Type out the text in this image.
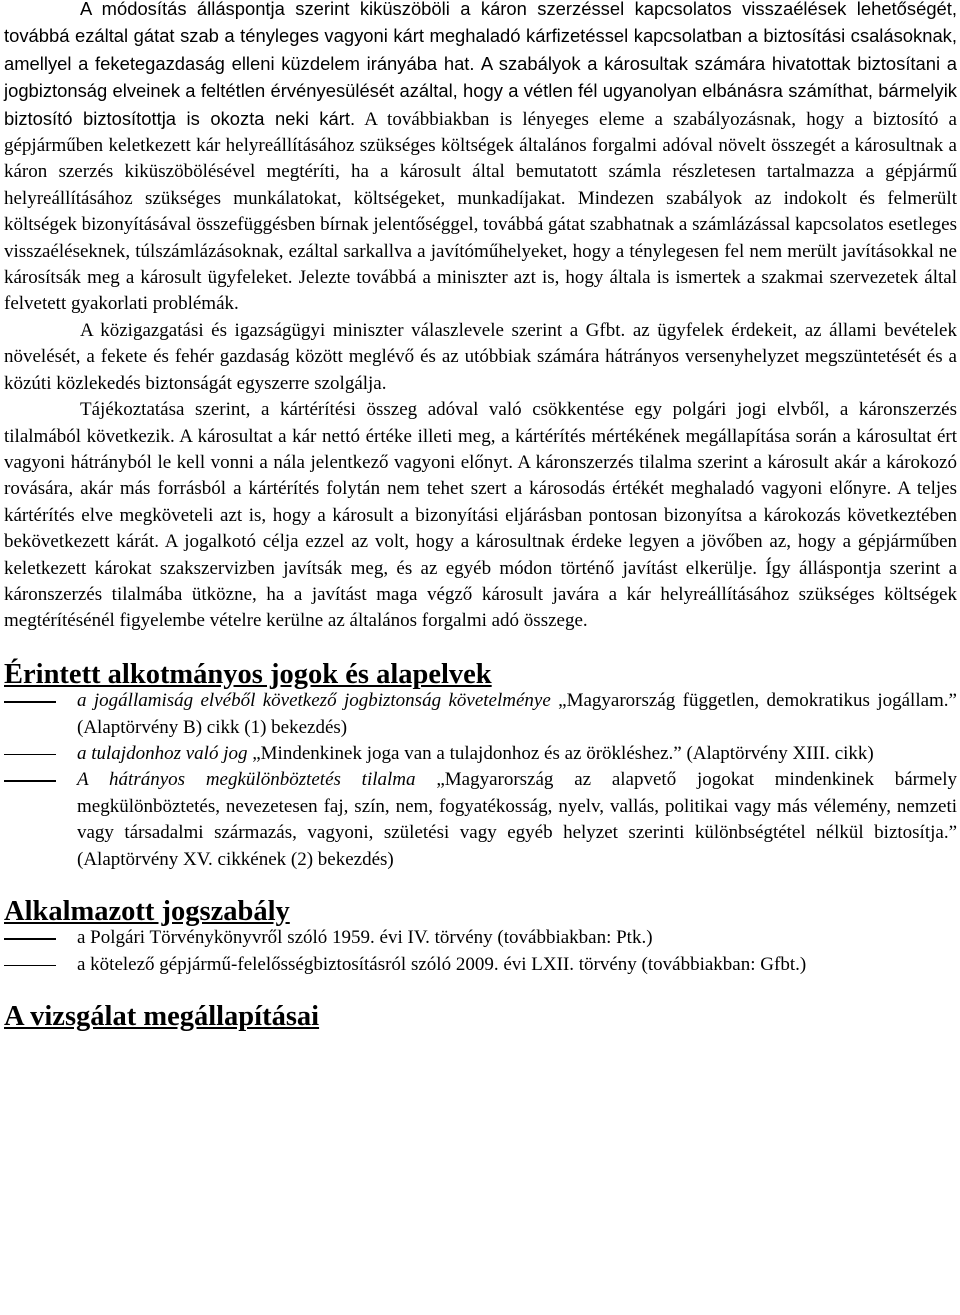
A módosítás álláspontja szerint kiküszöböli a káron szerzéssel kapcsolatos visszaélések lehetőségét, továbbá ezáltal gátat szab a tényleges vagyoni kárt meghaladó kárfizetéssel kapcsolatban a biztosítási csalásoknak, amellyel a feketegazdaság elleni küzdelem irányába hat. A szabályok a károsultak számára hivatottak biztosítani a jogbiztonság elveinek a feltétlen érvényesülését azáltal, hogy a vétlen fél ugyanolyan elbánásra számíthat, bármelyik biztosító biztosítottja is okozta neki kárt. A továbbiakban is lényeges eleme a szabályozásnak, hogy a biztosító a gépjárműben keletkezett kár helyreállításához szükséges költségek általános forgalmi adóval növelt összegét a károsultnak a káron szerzés kiküszöbölésével megtéríti, ha a károsult által bemutatott számla részletesen tartalmazza a gépjármű helyreállításához szükséges munkálatokat, költségeket, munkadíjakat. Mindezen szabályok az indokolt és felmerült költségek bizonyításával összefüggésben bírnak jelentőséggel, továbbá gátat szabhatnak a számlázással kapcsolatos esetleges visszaéléseknek, túlszámlázásoknak, ezáltal sarkallva a javítóműhelyeket, hogy a ténylegesen fel nem merült javításokkal ne károsítsák meg a károsult ügyfeleket. Jelezte továbbá a miniszter azt is, hogy általa is ismertek a szakmai szervezetek által felvetett gyakorlati problémák.

A közigazgatási és igazságügyi miniszter válaszlevele szerint a Gfbt. az ügyfelek érdekeit, az állami bevételek növelését, a fekete és fehér gazdaság között meglévő és az utóbbiak számára hátrányos versenyhelyzet megszüntetését és a közúti közlekedés biztonságát egyszerre szolgálja.

Tájékoztatása szerint, a kártérítési összeg adóval való csökkentése egy polgári jogi elvből, a káronszerzés tilalmából következik. A károsultat a kár nettó értéke illeti meg, a kártérítés mértékének megállapítása során a károsultat ért vagyoni hátrányból le kell vonni a nála jelentkező vagyoni előnyt. A káronszerzés tilalma szerint a károsult akár a károkozó rovására, akár más forrásból a kártérítés folytán nem tehet szert a károsodás értékét meghaladó vagyoni előnyre. A teljes kártérítés elve megköveteli azt is, hogy a károsult a bizonyítási eljárásban pontosan bizonyítsa a károkozás következtében bekövetkezett kárát. A jogalkotó célja ezzel az volt, hogy a károsultnak érdeke legyen a jövőben az, hogy a gépjárműben keletkezett károkat szakszervizben javítsák meg, és az egyéb módon történő javítást elkerülje. Így álláspontja szerint a káronszerzés tilalmába ütközne, ha a javítást maga végző károsult javára a kár helyreállításához szükséges költségek megtérítésénél figyelembe vételre kerülne az általános forgalmi adó összege.

Érintett alkotmányos jogok és alapelvek
a jogállamiság elvéből következő jogbiztonság követelménye „Magyarország független, demokratikus jogállam.” (Alaptörvény B) cikk (1) bekezdés)
a tulajdonhoz való jog „Mindenkinek joga van a tulajdonhoz és az örökléshez.” (Alaptörvény XIII. cikk)
A hátrányos megkülönböztetés tilalma „Magyarország az alapvető jogokat mindenkinek bármely megkülönböztetés, nevezetesen faj, szín, nem, fogyatékosság, nyelv, vallás, politikai vagy más vélemény, nemzeti vagy társadalmi származás, vagyoni, születési vagy egyéb helyzet szerinti különbségtétel nélkül biztosítja.” (Alaptörvény XV. cikkének (2) bekezdés)
Alkalmazott jogszabály
a Polgári Törvénykönyvről szóló 1959. évi IV. törvény (továbbiakban: Ptk.)
a kötelező gépjármű-felelősségbiztosításról szóló 2009. évi LXII. törvény (továbbiakban: Gfbt.)
A vizsgálat megállapításai
